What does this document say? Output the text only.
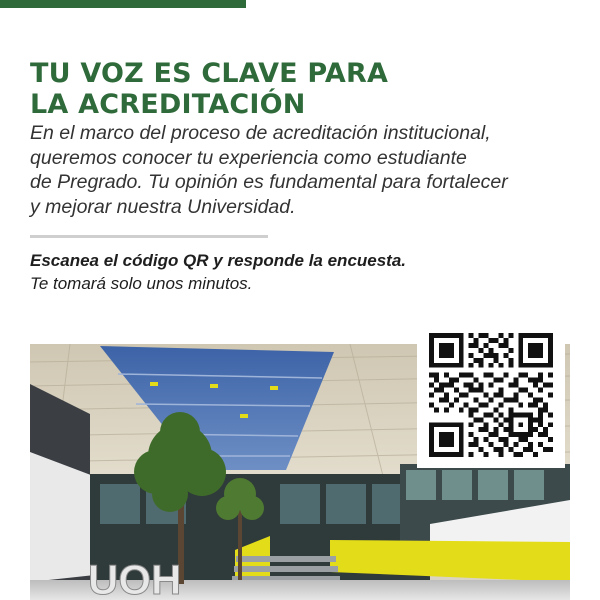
TU VOZ ES CLAVE PARA
LA ACREDITACIÓN

En el marco del proceso de acreditación institucional,
queremos conocer tu experiencia como estudiante
de Pregrado. Tu opinión es fundamental para fortalecer
y mejorar nuestra Universidad.

Escanea el código QR y responde la encuesta.

Te tomará solo unos minutos.

UOH
